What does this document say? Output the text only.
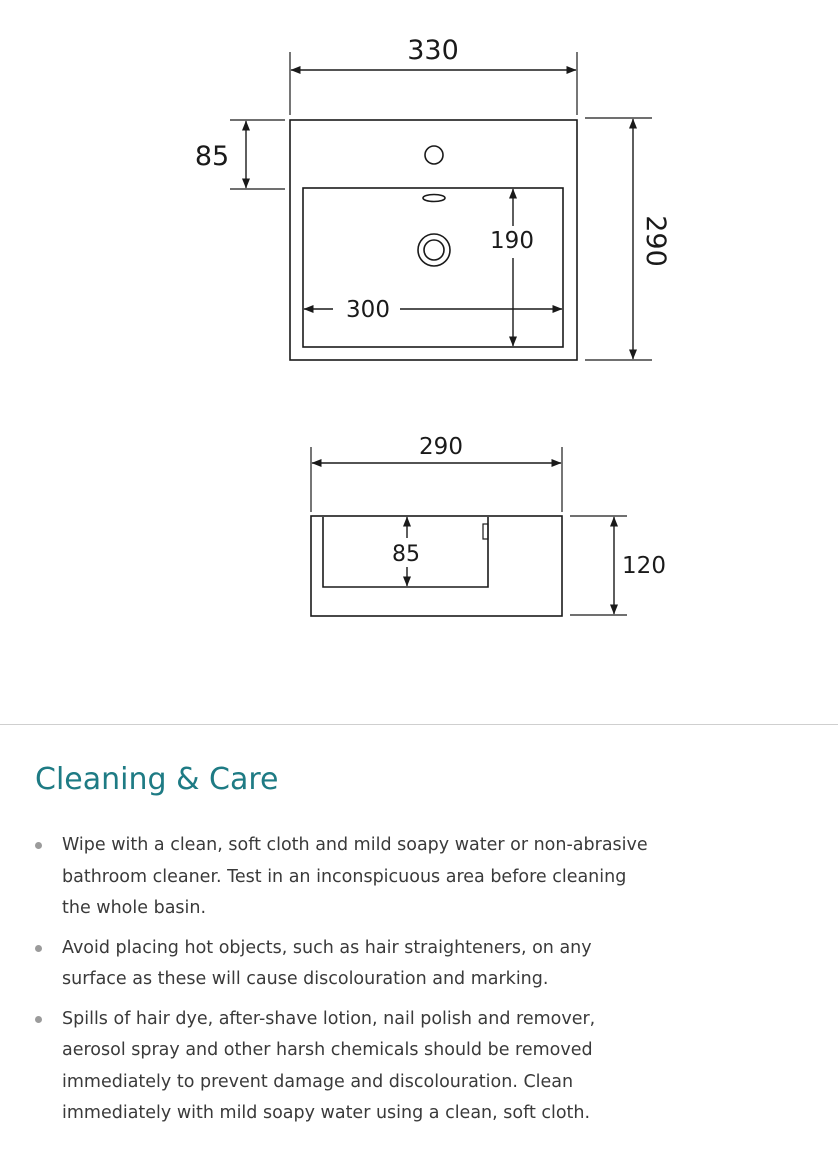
330
85
290
190
300
290
120
85
Cleaning & Care
Wipe with a clean, soft cloth and mild soapy water or non-abrasive bathroom cleaner. Test in an inconspicuous area before cleaning the whole basin.
Avoid placing hot objects, such as hair straighteners, on any surface as these will cause discolouration and marking.
Spills of hair dye, after-shave lotion, nail polish and remover, aerosol spray and other harsh chemicals should be removed immediately to prevent damage and discolouration. Clean immediately with mild soapy water using a clean, soft cloth.
